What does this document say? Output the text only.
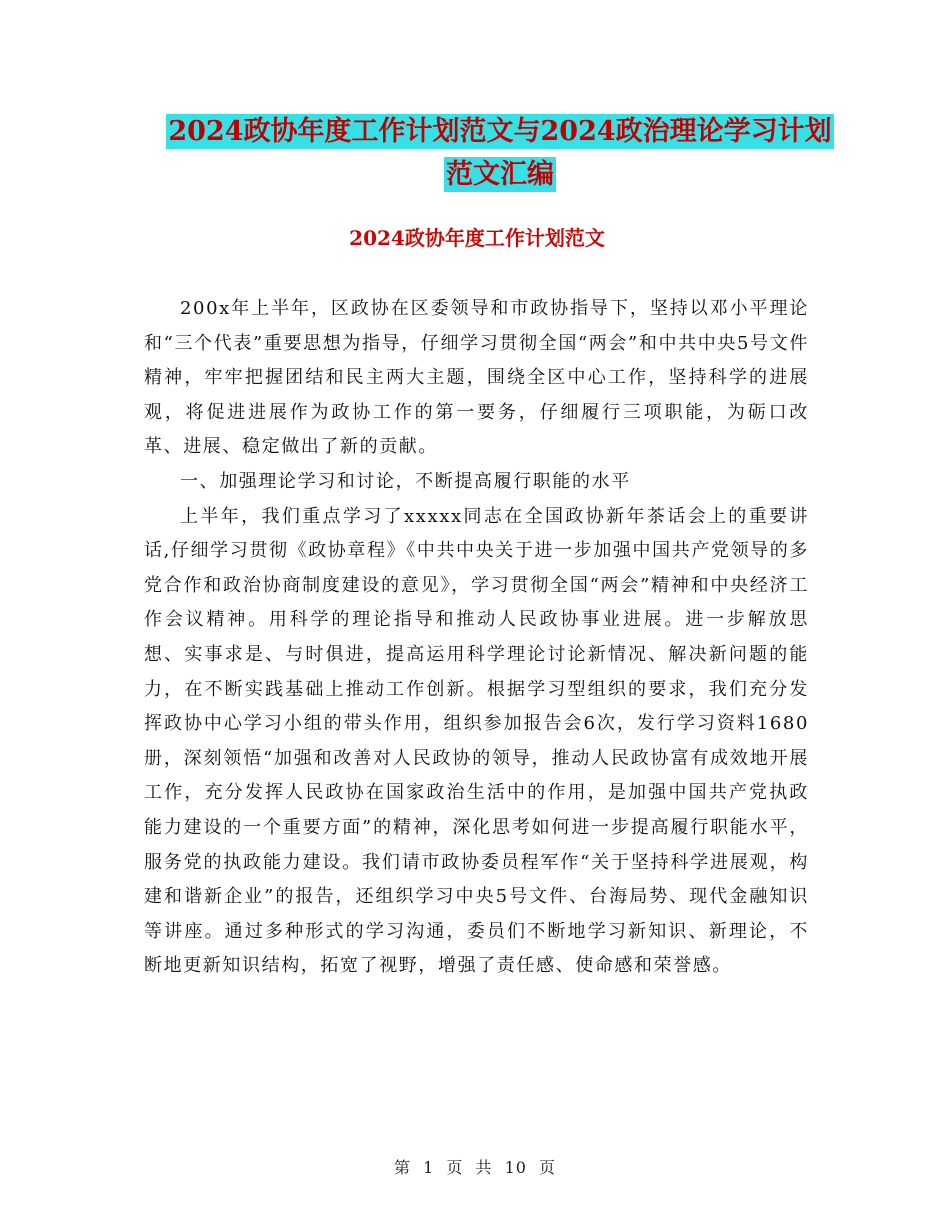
2024政协年度工作计划范文与2024政治理论学习计划
范文汇编
2024政协年度工作计划范文

200x年上半年，区政协在区委领导和市政协指导下，坚持以邓小平理论和“三个代表”重要思想为指导，仔细学习贯彻全国“两会”和中共中央5号文件精神，牢牢把握团结和民主两大主题，围绕全区中心工作，坚持科学的进展观，将促进进展作为政协工作的第一要务，仔细履行三项职能，为砺口改革、进展、稳定做出了新的贡献。

一、加强理论学习和讨论，不断提高履行职能的水平

上半年，我们重点学习了xxxxx同志在全国政协新年茶话会上的重要讲话,仔细学习贯彻《政协章程》《中共中央关于进一步加强中国共产党领导的多党合作和政治协商制度建设的意见》，学习贯彻全国“两会”精神和中央经济工作会议精神。用科学的理论指导和推动人民政协事业进展。进一步解放思想、实事求是、与时俱进，提高运用科学理论讨论新情况、解决新问题的能力，在不断实践基础上推动工作创新。根据学习型组织的要求，我们充分发挥政协中心学习小组的带头作用，组织参加报告会6次，发行学习资料1680册，深刻领悟“加强和改善对人民政协的领导，推动人民政协富有成效地开展工作，充分发挥人民政协在国家政治生活中的作用，是加强中国共产党执政能力建设的一个重要方面”的精神，深化思考如何进一步提高履行职能水平，服务党的执政能力建设。我们请市政协委员程军作“关于坚持科学进展观，构建和谐新企业”的报告，还组织学习中央5号文件、台海局势、现代金融知识等讲座。通过多种形式的学习沟通，委员们不断地学习新知识、新理论，不断地更新知识结构，拓宽了视野，增强了责任感、使命感和荣誉感。

第 1 页 共 10 页
